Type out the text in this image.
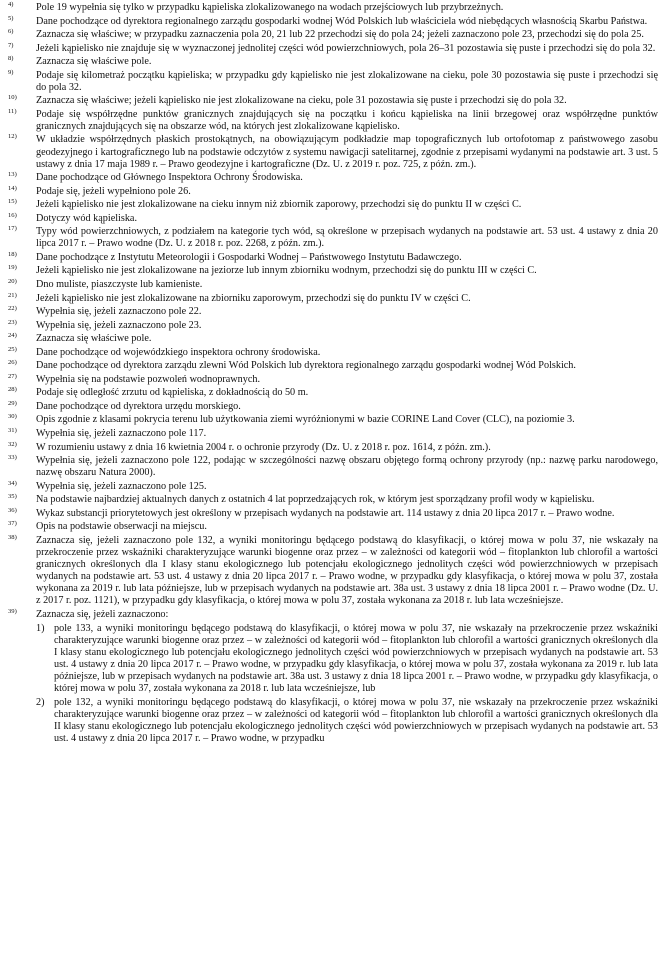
4)	Pole 19 wypełnia się tylko w przypadku kąpieliska zlokalizowanego na wodach przejściowych lub przybrzeżnych.
5)	Dane pochodzące od dyrektora regionalnego zarządu gospodarki wodnej Wód Polskich lub właściciela wód niebędących własnością Skarbu Państwa.
6)	Zaznacza się właściwe; w przypadku zaznaczenia pola 20, 21 lub 22 przechodzi się do pola 24; jeżeli zaznaczono pole 23, przechodzi się do pola 25.
7)	Jeżeli kąpielisko nie znajduje się w wyznaczonej jednolitej części wód powierzchniowych, pola 26–31 pozostawia się puste i przechodzi się do pola 32.
8)	Zaznacza się właściwe pole.
9)	Podaje się kilometraż początku kąpieliska; w przypadku gdy kąpielisko nie jest zlokalizowane na cieku, pole 30 pozostawia się puste i przechodzi się do pola 32.
10)	Zaznacza się właściwe; jeżeli kąpielisko nie jest zlokalizowane na cieku, pole 31 pozostawia się puste i przechodzi się do pola 32.
11)	Podaje się współrzędne punktów granicznych znajdujących się na początku i końcu kąpieliska na linii brzegowej oraz współrzędne punktów granicznych znajdujących się na obszarze wód, na których jest zlokalizowane kąpielisko.
12)	W układzie współrzędnych płaskich prostokątnych, na obowiązującym podkładzie map topograficznych lub ortofotomap z państwowego zasobu geodezyjnego i kartograficznego lub na podstawie odczytów z systemu nawigacji satelitarnej, zgodnie z przepisami wydanymi na podstawie art. 3 ust. 5 ustawy z dnia 17 maja 1989 r. – Prawo geodezyjne i kartograficzne (Dz. U. z 2019 r. poz. 725, z późn. zm.).
13)	Dane pochodzące od Głównego Inspektora Ochrony Środowiska.
14)	Podaje się, jeżeli wypełniono pole 26.
15)	Jeżeli kąpielisko nie jest zlokalizowane na cieku innym niż zbiornik zaporowy, przechodzi się do punktu II w części C.
16)	Dotyczy wód kąpieliska.
17)	Typy wód powierzchniowych, z podziałem na kategorie tych wód, są określone w przepisach wydanych na podstawie art. 53 ust. 4 ustawy z dnia 20 lipca 2017 r. – Prawo wodne (Dz. U. z 2018 r. poz. 2268, z późn. zm.).
18)	Dane pochodzące z Instytutu Meteorologii i Gospodarki Wodnej – Państwowego Instytutu Badawczego.
19)	Jeżeli kąpielisko nie jest zlokalizowane na jeziorze lub innym zbiorniku wodnym, przechodzi się do punktu III w części C.
20)	Dno muliste, piaszczyste lub kamieniste.
21)	Jeżeli kąpielisko nie jest zlokalizowane na zbiorniku zaporowym, przechodzi się do punktu IV w części C.
22)	Wypełnia się, jeżeli zaznaczono pole 22.
23)	Wypełnia się, jeżeli zaznaczono pole 23.
24)	Zaznacza się właściwe pole.
25)	Dane pochodzące od wojewódzkiego inspektora ochrony środowiska.
26)	Dane pochodzące od dyrektora zarządu zlewni Wód Polskich lub dyrektora regionalnego zarządu gospodarki wodnej Wód Polskich.
27)	Wypełnia się na podstawie pozwoleń wodnoprawnych.
28)	Podaje się odległość zrzutu od kąpieliska, z dokładnością do 50 m.
29)	Dane pochodzące od dyrektora urzędu morskiego.
30)	Opis zgodnie z klasami pokrycia terenu lub użytkowania ziemi wyróżnionymi w bazie CORINE Land Cover (CLC), na poziomie 3.
31)	Wypełnia się, jeżeli zaznaczono pole 117.
32)	W rozumieniu ustawy z dnia 16 kwietnia 2004 r. o ochronie przyrody (Dz. U. z 2018 r. poz. 1614, z późn. zm.).
33)	Wypełnia się, jeżeli zaznaczono pole 122, podając w szczególności nazwę obszaru objętego formą ochrony przyrody (np.: nazwę parku narodowego, nazwę obszaru Natura 2000).
34)	Wypełnia się, jeżeli zaznaczono pole 125.
35)	Na podstawie najbardziej aktualnych danych z ostatnich 4 lat poprzedzających rok, w którym jest sporządzany profil wody w kąpielisku.
36)	Wykaz substancji priorytetowych jest określony w przepisach wydanych na podstawie art. 114 ustawy z dnia 20 lipca 2017 r. – Prawo wodne.
37)	Opis na podstawie obserwacji na miejscu.
38)	Zaznacza się, jeżeli zaznaczono pole 132, a wyniki monitoringu będącego podstawą do klasyfikacji, o której mowa w polu 37, nie wskazały na przekroczenie przez wskaźniki charakteryzujące warunki biogenne oraz przez – w zależności od kategorii wód – fitoplankton lub chlorofil a wartości granicznych określonych dla I klasy stanu ekologicznego lub potencjału ekologicznego jednolitych części wód powierzchniowych w przepisach wydanych na podstawie art. 53 ust. 4 ustawy z dnia 20 lipca 2017 r. – Prawo wodne, w przypadku gdy klasyfikacja, o której mowa w polu 37, została wykonana za 2019 r. lub lata późniejsze, lub w przepisach wydanych na podstawie art. 38a ust. 3 ustawy z dnia 18 lipca 2001 r. – Prawo wodne (Dz. U. z 2017 r. poz. 1121), w przypadku gdy klasyfikacja, o której mowa w polu 37, została wykonana za 2018 r. lub lata wcześniejsze.
39)	Zaznacza się, jeżeli zaznaczono:
1) pole 133, a wyniki monitoringu będącego podstawą do klasyfikacji, o której mowa w polu 37, nie wskazały na przekroczenie przez wskaźniki charakteryzujące warunki biogenne oraz przez – w zależności od kategorii wód – fitoplankton lub chlorofil a wartości granicznych określonych dla I klasy stanu ekologicznego lub potencjału ekologicznego jednolitych części wód powierzchniowych w przepisach wydanych na podstawie art. 53 ust. 4 ustawy z dnia 20 lipca 2017 r. – Prawo wodne, w przypadku gdy klasyfikacja, o której mowa w polu 37, została wykonana za 2019 r. lub lata późniejsze, lub w przepisach wydanych na podstawie art. 38a ust. 3 ustawy z dnia 18 lipca 2001 r. – Prawo wodne, w przypadku gdy klasyfikacja, o której mowa w polu 37, została wykonana za 2018 r. lub lata wcześniejsze, lub
2) pole 132, a wyniki monitoringu będącego podstawą do klasyfikacji, o której mowa w polu 37, nie wskazały na przekroczenie przez wskaźniki charakteryzujące warunki biogenne oraz przez – w zależności od kategorii wód – fitoplankton lub chlorofil a wartości granicznych określonych dla II klasy stanu ekologicznego lub potencjału ekologicznego jednolitych części wód powierzchniowych w przepisach wydanych na podstawie art. 53 ust. 4 ustawy z dnia 20 lipca 2017 r. – Prawo wodne, w przypadku
